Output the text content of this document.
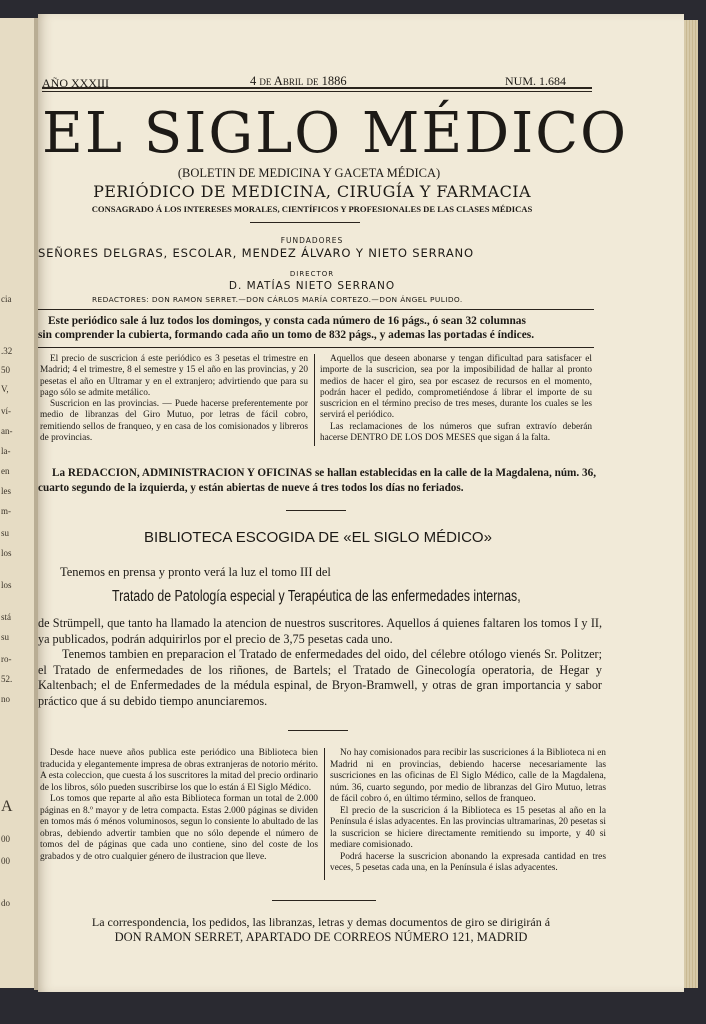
cia
.32
50
V,
ví-
an-
la-
en
les
m-
su
los
los
stá
su
ro-
52.
no
A
00
00
do
AÑO XXXIII	4 de Abril de 1886	NUM. 1.684
EL SIGLO MÉDICO
(BOLETIN DE MEDICINA Y GACETA MÉDICA)
PERIÓDICO DE MEDICINA, CIRUGÍA Y FARMACIA
CONSAGRADO Á LOS INTERESES MORALES, CIENTÍFICOS Y PROFESIONALES DE LAS CLASES MÉDICAS
FUNDADORES
SEÑORES DELGRAS, ESCOLAR, MENDEZ ÁLVARO Y NIETO SERRANO
DIRECTOR
D. MATÍAS NIETO SERRANO
REDACTORES: DON RAMON SERRET.—DON CÁRLOS MARÍA CORTEZO.—DON ÁNGEL PULIDO.
Este periódico sale á luz todos los domingos, y consta cada número de 16 págs., ó sean 32 columnas
sin comprender la cubierta, formando cada año un tomo de 832 págs., y ademas las portadas é índices.

El precio de suscricion á este periódico es 3 pesetas el trimestre en Madrid; 4 el trimestre, 8 el semestre y 15 el año en las provincias, y 20 pesetas el año en Ultramar y en el extranjero; advirtiendo que para su pago sólo se admite metálico.

Suscricion en las provincias. — Puede hacerse preferentemente por medio de libranzas del Giro Mutuo, por letras de fácil cobro, remitiendo sellos de franqueo, y en casa de los comisionados y libreros de provincias.

Aquellos que deseen abonarse y tengan dificultad para satisfacer el importe de la suscricion, sea por la imposibilidad de hallar al pronto medios de hacer el giro, sea por escasez de recursos en el momento, podrán hacer el pedido, comprometiéndose á librar el importe de su suscricion en el término preciso de tres meses, durante los cuales se les servirá el periódico.

Las reclamaciones de los números que sufran extravío deberán hacerse DENTRO DE LOS DOS MESES que sigan á la falta.

La REDACCION, ADMINISTRACION Y OFICINAS se hallan establecidas en la calle de la Magdalena, núm. 36, cuarto segundo de la izquierda, y están abiertas de nueve á tres todos los días no feriados.

BIBLIOTECA ESCOGIDA DE «EL SIGLO MÉDICO»
Tenemos en prensa y pronto verá la luz el tomo III del
Tratado de Patología especial y Terapéutica de las enfermedades internas,

de Strümpell, que tanto ha llamado la atencion de nuestros suscritores. Aquellos á quienes faltaren los tomos I y II, ya publicados, podrán adquirirlos por el precio de 3,75 pesetas cada uno.

Tenemos tambien en preparacion el Tratado de enfermedades del oido, del célebre otólogo vienés Sr. Politzer; el Tratado de enfermedades de los riñones, de Bartels; el Tratado de Ginecología operatoria, de Hegar y Kaltenbach; el de Enfermedades de la médula espinal, de Bryon-Bramwell, y otras de gran importancia y sabor práctico que á su debido tiempo anunciaremos.

Desde hace nueve años publica este periódico una Biblioteca bien traducida y elegantemente impresa de obras extranjeras de notorio mérito. A esta coleccion, que cuesta á los suscritores la mitad del precio ordinario de los libros, sólo pueden suscribirse los que lo están á El Siglo Médico.

Los tomos que reparte al año esta Biblioteca forman un total de 2.000 páginas en 8.º mayor y de letra compacta. Estas 2.000 páginas se dividen en tomos más ó ménos voluminosos, segun lo consiente lo abultado de las obras, debiendo advertir tambien que no sólo depende el número de tomos del de páginas que cada uno contiene, sino del coste de los grabados y de otro cualquier género de ilustracion que lleve.

No hay comisionados para recibir las suscriciones á la Biblioteca ni en Madrid ni en provincias, debiendo hacerse necesariamente las suscriciones en las oficinas de El Siglo Médico, calle de la Magdalena, núm. 36, cuarto segundo, por medio de libranzas del Giro Mutuo, letras de fácil cobro ó, en último término, sellos de franqueo.

El precio de la suscricion á la Biblioteca es 15 pesetas al año en la Península é islas adyacentes. En las provincias ultramarinas, 20 pesetas si la suscricion se hiciere directamente remitiendo su importe, y 40 si mediare comisionado.

Podrá hacerse la suscricion abonando la expresada cantidad en tres veces, 5 pesetas cada una, en la Península é islas adyacentes.

La correspondencia, los pedidos, las libranzas, letras y demas documentos de giro se dirigirán á
DON RAMON SERRET, APARTADO DE CORREOS NÚMERO 121, MADRID
